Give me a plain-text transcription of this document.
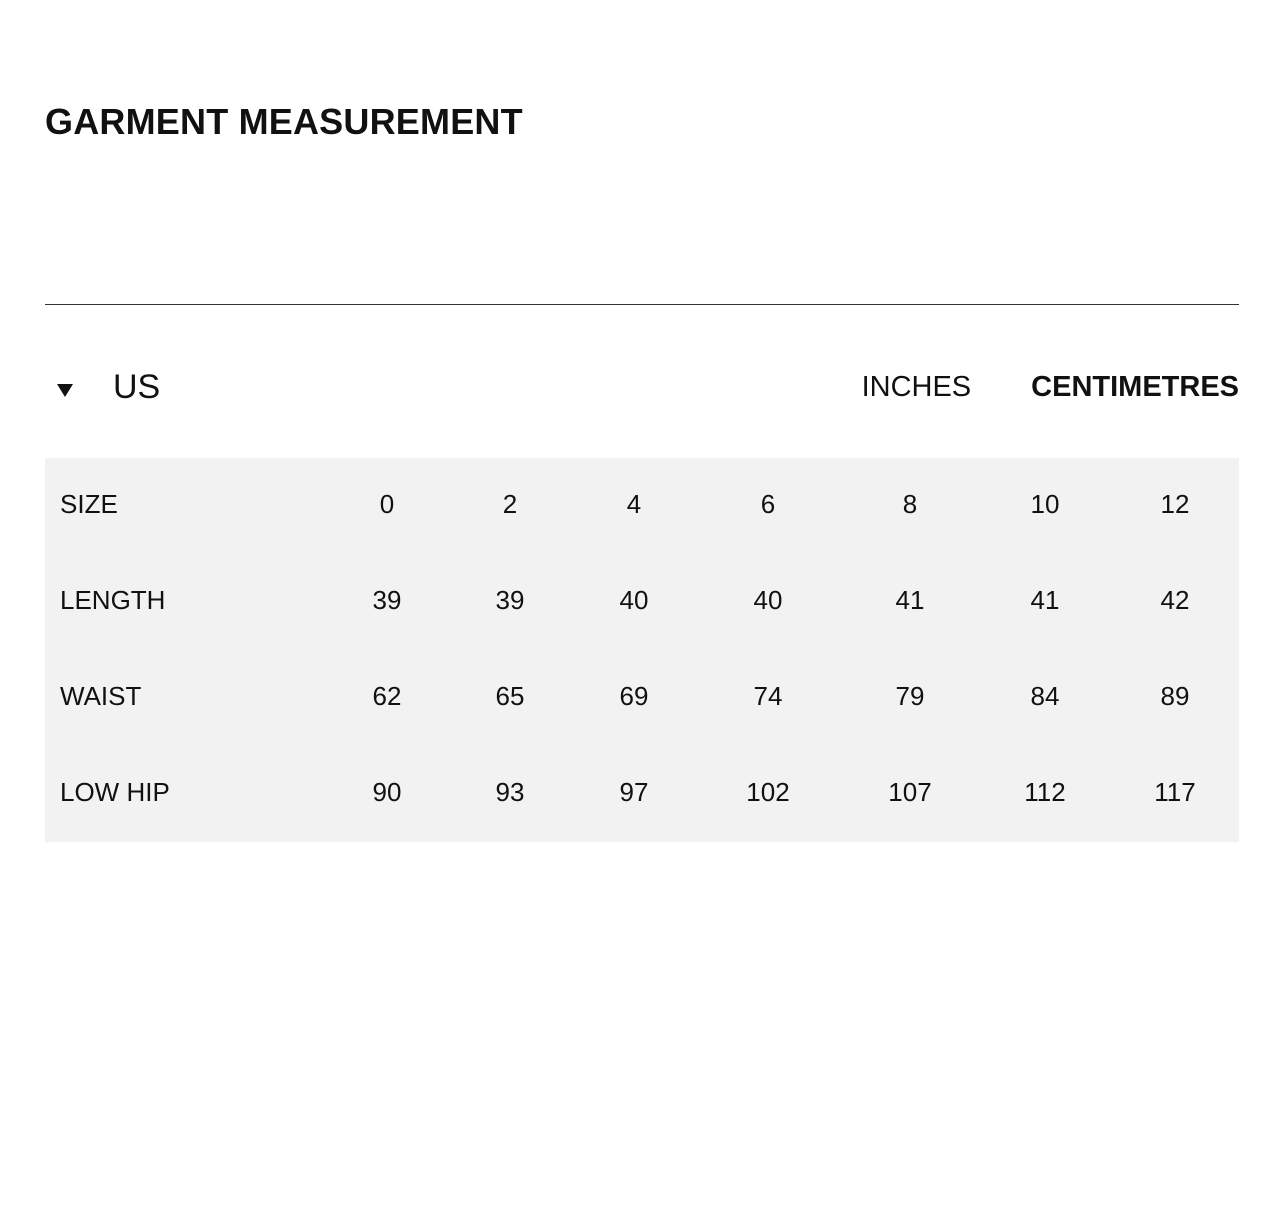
GARMENT MEASUREMENT
US	INCHES CENTIMETRES
SIZE	0	2	4	6	8	10	12
LENGTH	39	39	40	40	41	41	42
WAIST	62	65	69	74	79	84	89
LOW HIP	90	93	97	102	107	112	117
